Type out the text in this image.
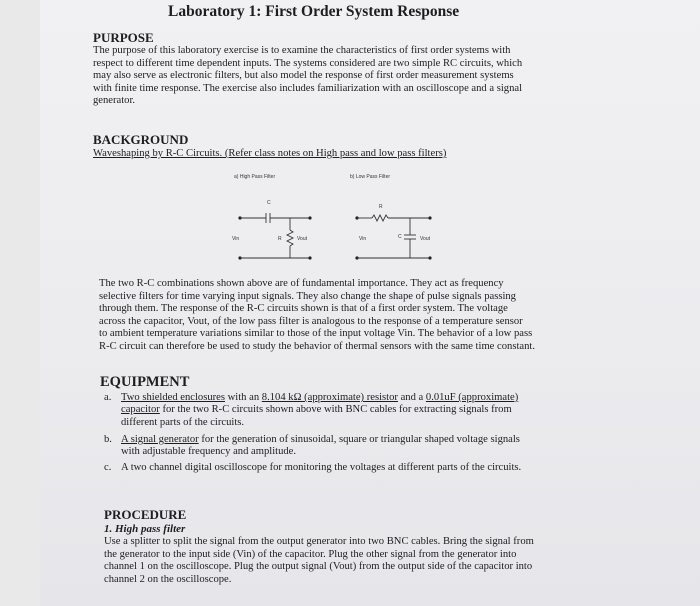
Laboratory 1: First Order System Response
PURPOSE
The purpose of this laboratory exercise is to examine the characteristics of first order systems with
respect to different time dependent inputs. The systems considered are two simple RC circuits, which
may also serve as electronic filters, but also model the response of first order measurement systems
with finite time response. The exercise also includes familiarization with an oscilloscope and a signal
generator.
BACKGROUND
Waveshaping by R-C Circuits. (Refer class notes on High pass and low pass filters)
a) High Pass Filter
C
R
Vin	Vout
b) Low Pass Filter
R
C
Vin	Vout
The two R-C combinations shown above are of fundamental importance. They act as frequency
selective filters for time varying input signals. They also change the shape of pulse signals passing
through them. The response of the R-C circuits shown is that of a first order system. The voltage
across the capacitor, Vout, of the low pass filter is analogous to the response of a temperature sensor
to ambient temperature variations similar to those of the input voltage Vin. The behavior of a low pass
R-C circuit can therefore be used to study the behavior of thermal sensors with the same time constant.
EQUIPMENT
a. Two shielded enclosures with an 8.104 kΩ (approximate) resistor and a 0.01uF (approximate)
capacitor for the two R-C circuits shown above with BNC cables for extracting signals from
different parts of the circuits.
b. A signal generator for the generation of sinusoidal, square or triangular shaped voltage signals
with adjustable frequency and amplitude.
c. A two channel digital oscilloscope for monitoring the voltages at different parts of the circuits.
PROCEDURE
1. High pass filter
Use a splitter to split the signal from the output generator into two BNC cables. Bring the signal from
the generator to the input side (Vin) of the capacitor. Plug the other signal from the generator into
channel 1 on the oscilloscope. Plug the output signal (Vout) from the output side of the capacitor into
channel 2 on the oscilloscope.
